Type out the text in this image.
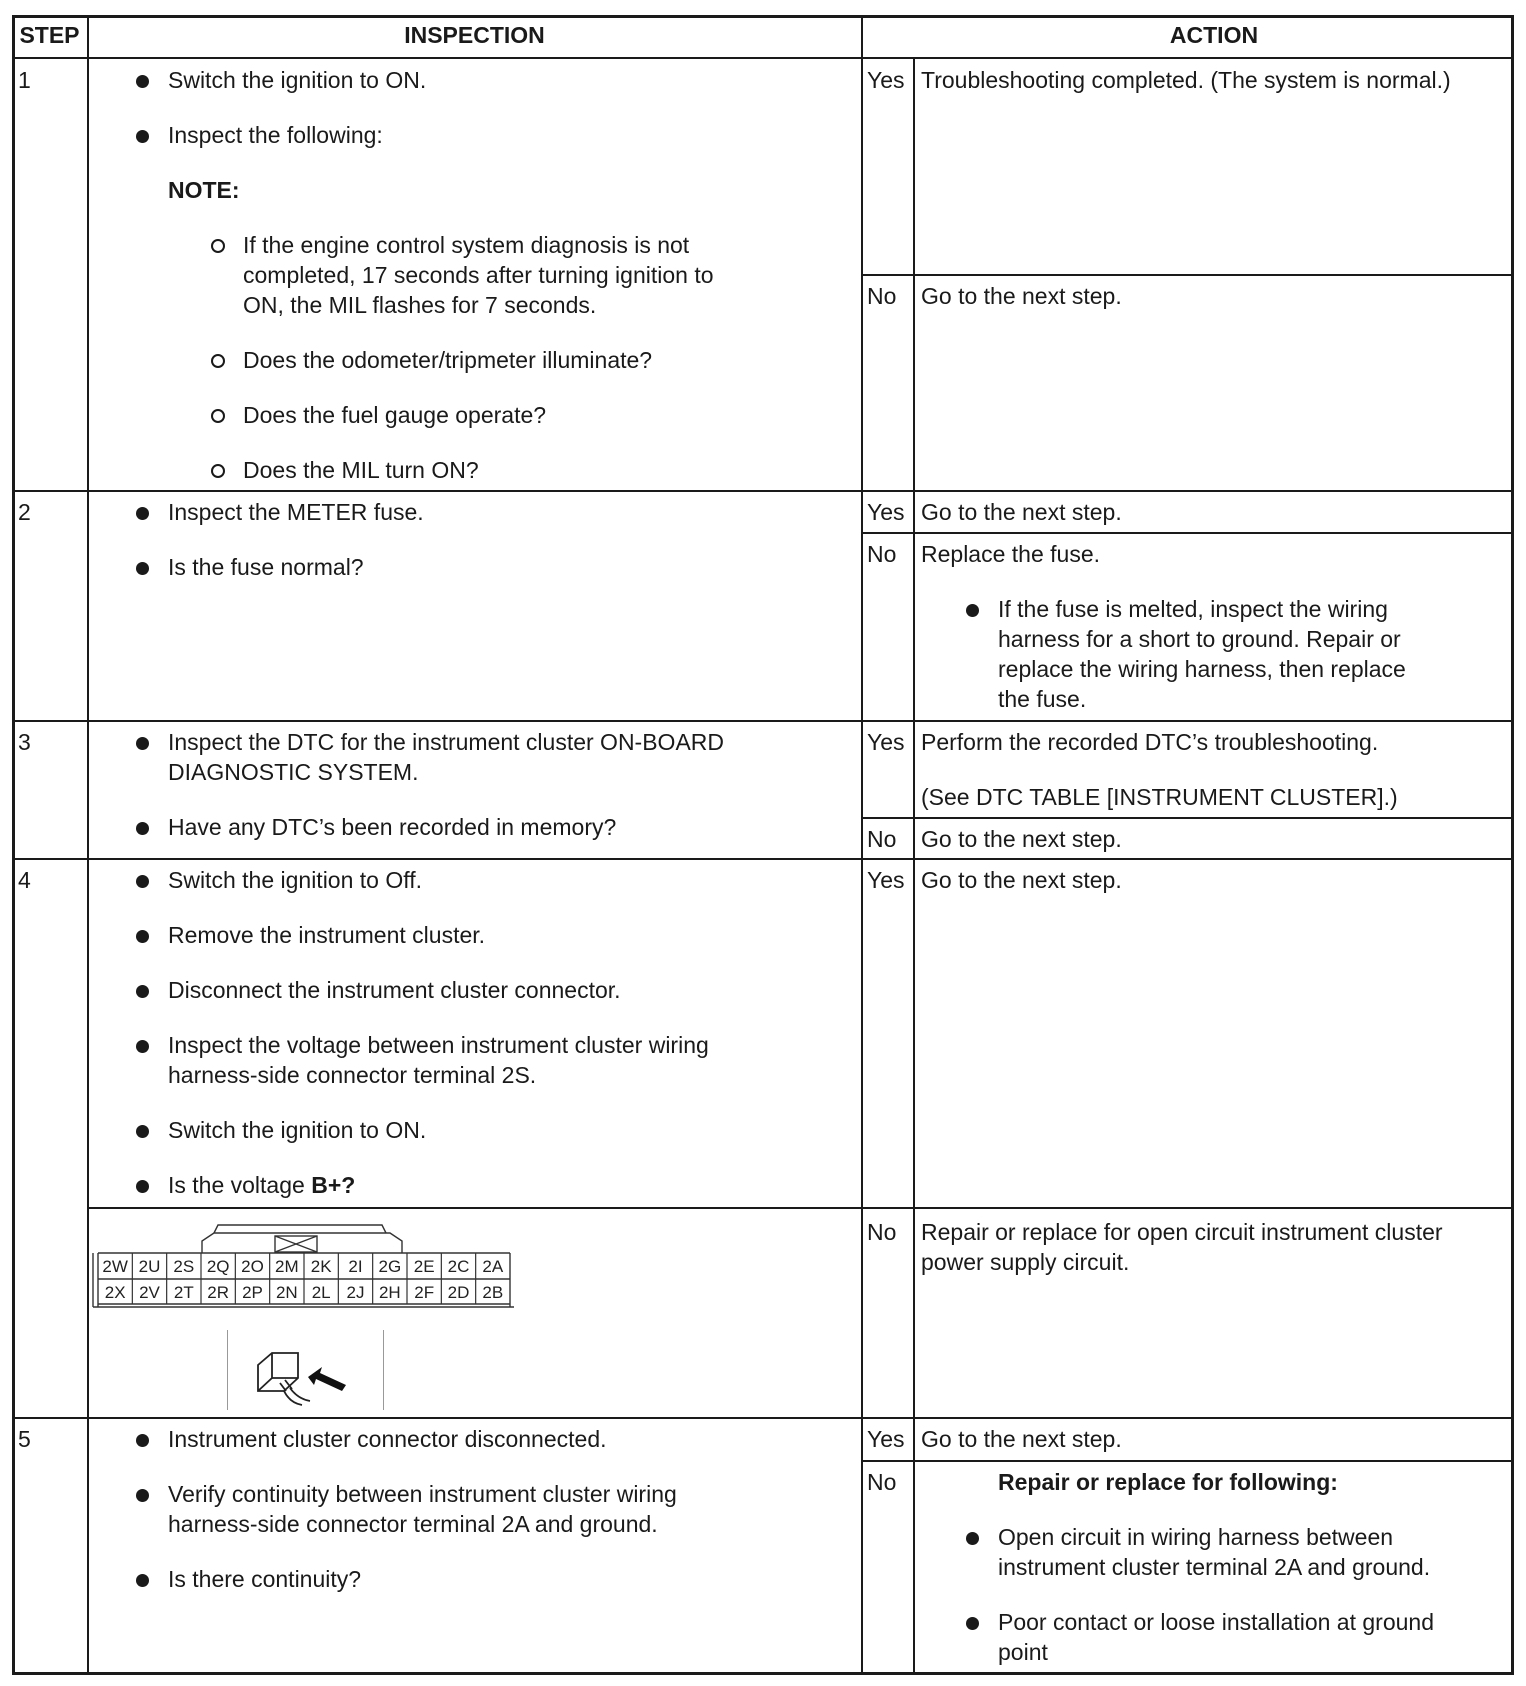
STEP	INSPECTION	ACTION
1	Switch the ignition to ON.
Inspect the following:
NOTE:
If the engine control system diagnosis is not
completed, 17 seconds after turning ignition to
ON, the MIL flashes for 7 seconds.
Does the odometer/tripmeter illuminate?
Does the fuel gauge operate?
Does the MIL turn ON?
Yes Troubleshooting completed. (The system is normal.)
No Go to the next step.
2	Inspect the METER fuse.
Is the fuse normal?
Yes Go to the next step.
No Replace the fuse.
If the fuse is melted, inspect the wiring
harness for a short to ground. Repair or
replace the wiring harness, then replace
the fuse.
3	Inspect the DTC for the instrument cluster ON-BOARD
DIAGNOSTIC SYSTEM.
Have any DTC’s been recorded in memory?
Yes Perform the recorded DTC’s troubleshooting.
(See DTC TABLE [INSTRUMENT CLUSTER].)
No Go to the next step.
4	Switch the ignition to Off.
Remove the instrument cluster.
Disconnect the instrument cluster connector.
Inspect the voltage between instrument cluster wiring
harness-side connector terminal 2S.
Switch the ignition to ON.
Is the voltage B+?
Yes Go to the next step.
No Repair or replace for open circuit instrument cluster
power supply circuit.
2W 2U 2S 2Q 2O 2M 2K 2I 2G 2E 2C 2A
2X 2V 2T 2R 2P 2N 2L 2J 2H 2F 2D 2B
5	Instrument cluster connector disconnected.
Verify continuity between instrument cluster wiring
harness-side connector terminal 2A and ground.
Is there continuity?
Yes Go to the next step.
No	Repair or replace for following:
Open circuit in wiring harness between
instrument cluster terminal 2A and ground.
Poor contact or loose installation at ground
point
